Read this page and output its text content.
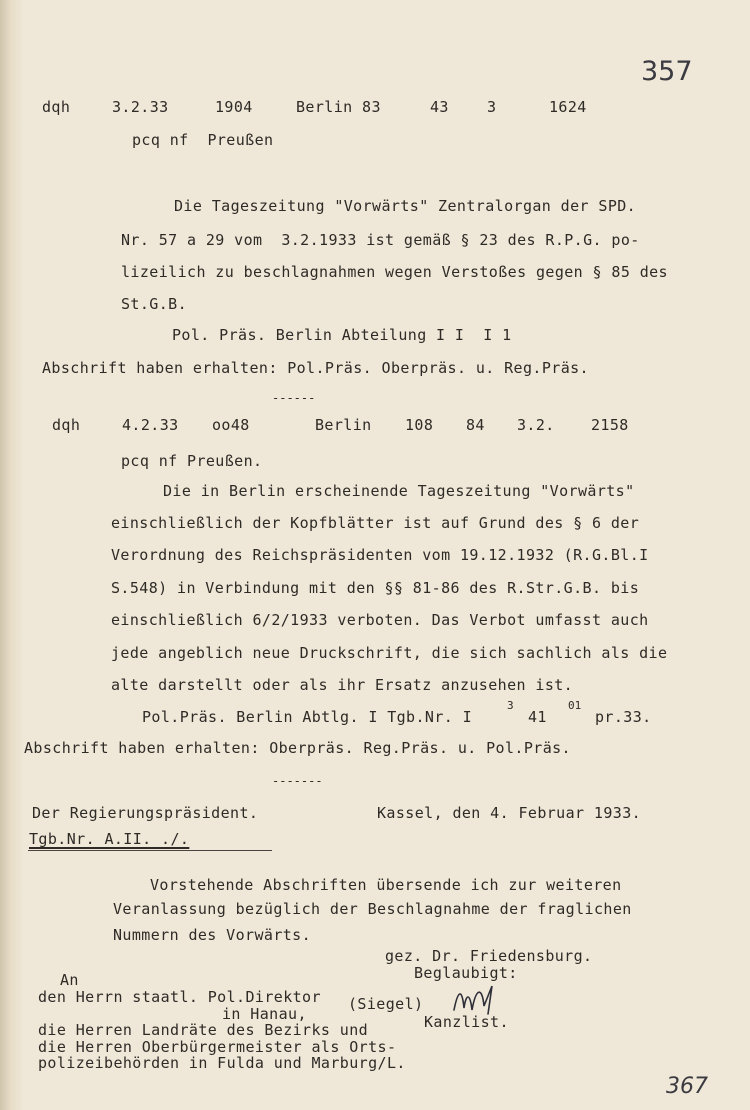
357
dqh	3.2.33	1904	Berlin 83	43	3	1624
pcq nf  Preußen
Die Tageszeitung "Vorwärts" Zentralorgan der SPD.
Nr. 57 a 29 vom  3.2.1933 ist gemäß § 23 des R.P.G. po-
lizeilich zu beschlagnahmen wegen Verstoßes gegen § 85 des
St.G.B.
Pol. Präs. Berlin Abteilung I I  I 1
Abschrift haben erhalten: Pol.Präs. Oberpräs. u. Reg.Präs.
------
dqh	4.2.33 oo48	Berlin 108 84 3.2. 2158
pcq nf Preußen.
Die in Berlin erscheinende Tageszeitung "Vorwärts"
einschließlich der Kopfblätter ist auf Grund des § 6 der
Verordnung des Reichspräsidenten vom 19.12.1932 (R.G.Bl.I
S.548) in Verbindung mit den §§ 81-86 des R.Str.G.B. bis
einschließlich 6/2/1933 verboten. Das Verbot umfasst auch
jede angeblich neue Druckschrift, die sich sachlich als die
alte darstellt oder als ihr Ersatz anzusehen ist.
Pol.Präs. Berlin Abtlg. I Tgb.Nr. I
3
41
01
pr.33.
Abschrift haben erhalten: Oberpräs. Reg.Präs. u. Pol.Präs.
-------
Der Regierungspräsident.	Kassel, den 4. Februar 1933.
Tgb.Nr. A.II. ./.
Vorstehende Abschriften übersende ich zur weiteren
Veranlassung bezüglich der Beschlagnahme der fraglichen
Nummern des Vorwärts.
gez. Dr. Friedensburg.
Beglaubigt:
An
den Herrn staatl. Pol.Direktor (Siegel)
in Hanau,	Kanzlist.
die Herren Landräte des Bezirks und
die Herren Oberbürgermeister als Orts-
polizeibehörden in Fulda und Marburg/L.
367
